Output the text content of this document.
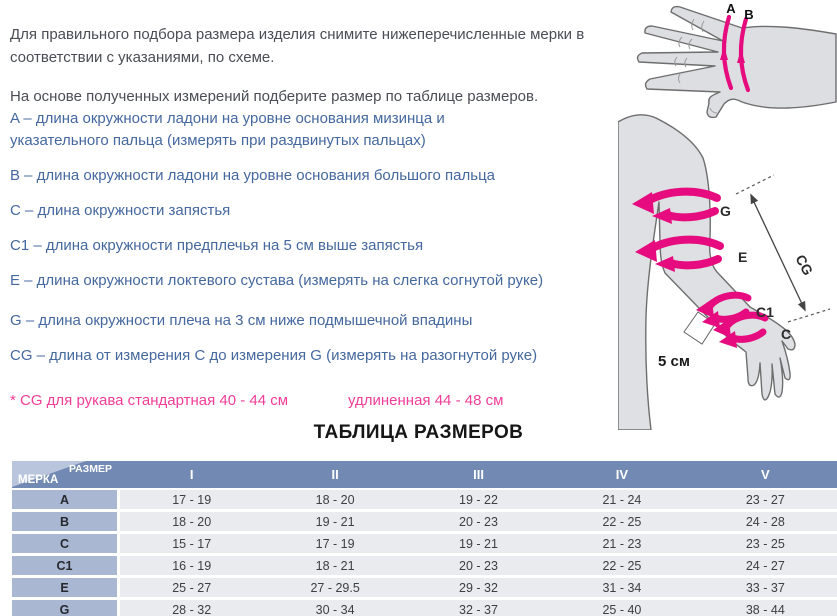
Для правильного подбора размера изделия снимите нижеперечисленные мерки в соответствии с указаниями, по схеме.

На основе полученных измерений подберите размер по таблице размеров.

A – длина окружности ладони на уровне основания мизинца и указательного пальца (измерять при раздвинутых пальцах)
B – длина окружности ладони на уровне основания большого пальца
C – длина окружности запястья
C1 – длина окружности предплечья на 5 см выше запястья
E – длина окружности локтевого сустава (измерять на слегка согнутой руке)
G – длина окружности плеча на 3 см ниже подмышечной впадины
CG – длина от измерения C до измерения G (измерять на разогнутой руке)
* CG для рукава стандартная 40 - 44 см	удлиненная 44 - 48 см
ТАБЛИЦА РАЗМЕРОВ
РАЗМЕР
МЕРКА	I	II	III	IV	V
A	17 - 19	18 - 20	19 - 22	21 - 24	23 - 27
B	18 - 20	19 - 21	20 - 23	22 - 25	24 - 28
C	15 - 17	17 - 19	19 - 21	21 - 23	23 - 25
C1	16 - 19	18 - 21	20 - 23	22 - 25	24 - 27
E	25 - 27	27 - 29.5	29 - 32	31 - 34	33 - 37
G	28 - 32	30 - 34	32 - 37	25 - 40	38 - 44
A B
G
E
C1
C
CG
5 см
